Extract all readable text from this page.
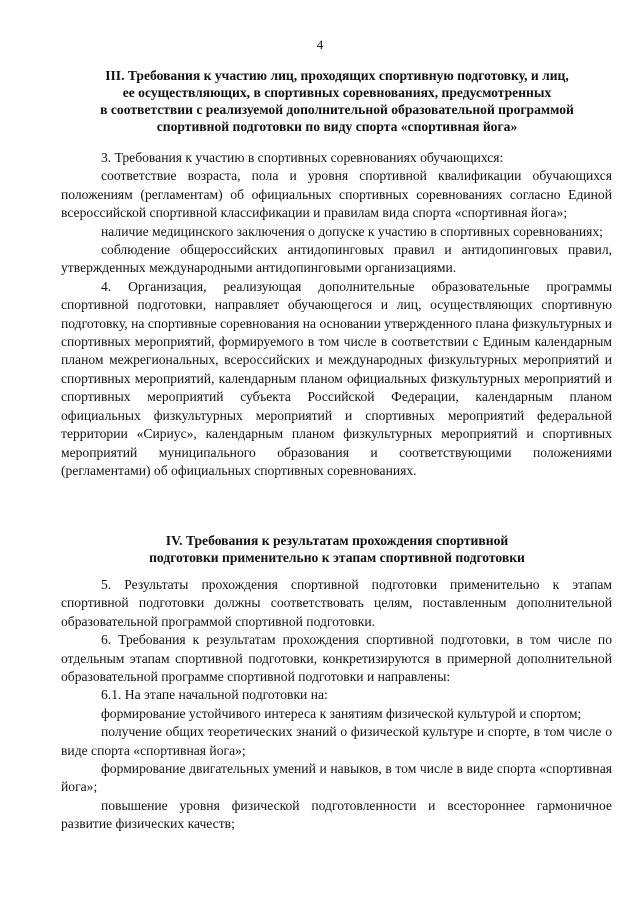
4
III. Требования к участию лиц, проходящих спортивную подготовку, и лиц,
ее осуществляющих, в спортивных соревнованиях, предусмотренных
в соответствии с реализуемой дополнительной образовательной программой
спортивной подготовки по виду спорта «спортивная йога»

3. Требования к участию в спортивных соревнованиях обучающихся:

соответствие возраста, пола и уровня спортивной квалификации обучающихся положениям (регламентам) об официальных спортивных соревнованиях согласно Единой всероссийской спортивной классификации и правилам вида спорта «спортивная йога»;

наличие медицинского заключения о допуске к участию в спортивных соревнованиях;

соблюдение общероссийских антидопинговых правил и антидопинговых правил, утвержденных международными антидопинговыми организациями.

4. Организация, реализующая дополнительные образовательные программы спортивной подготовки, направляет обучающегося и лиц, осуществляющих спортивную подготовку, на спортивные соревнования на основании утвержденного плана физкультурных и спортивных мероприятий, формируемого в том числе в соответствии с Единым календарным планом межрегиональных, всероссийских и международных физкультурных мероприятий и спортивных мероприятий, календарным планом официальных физкультурных мероприятий и спортивных мероприятий субъекта Российской Федерации, календарным планом официальных физкультурных мероприятий и спортивных мероприятий федеральной территории «Сириус», календарным планом физкультурных мероприятий и спортивных мероприятий муниципального образования и соответствующими положениями (регламентами) об официальных спортивных соревнованиях.

IV. Требования к результатам прохождения спортивной
подготовки применительно к этапам спортивной подготовки

5. Результаты прохождения спортивной подготовки применительно к этапам спортивной подготовки должны соответствовать целям, поставленным дополнительной образовательной программой спортивной подготовки.

6. Требования к результатам прохождения спортивной подготовки, в том числе по отдельным этапам спортивной подготовки, конкретизируются в примерной дополнительной образовательной программе спортивной подготовки и направлены:

6.1. На этапе начальной подготовки на:

формирование устойчивого интереса к занятиям физической культурой и спортом;

получение общих теоретических знаний о физической культуре и спорте, в том числе о виде спорта «спортивная йога»;

формирование двигательных умений и навыков, в том числе в виде спорта «спортивная йога»;

повышение уровня физической подготовленности и всестороннее гармоничное развитие физических качеств;
